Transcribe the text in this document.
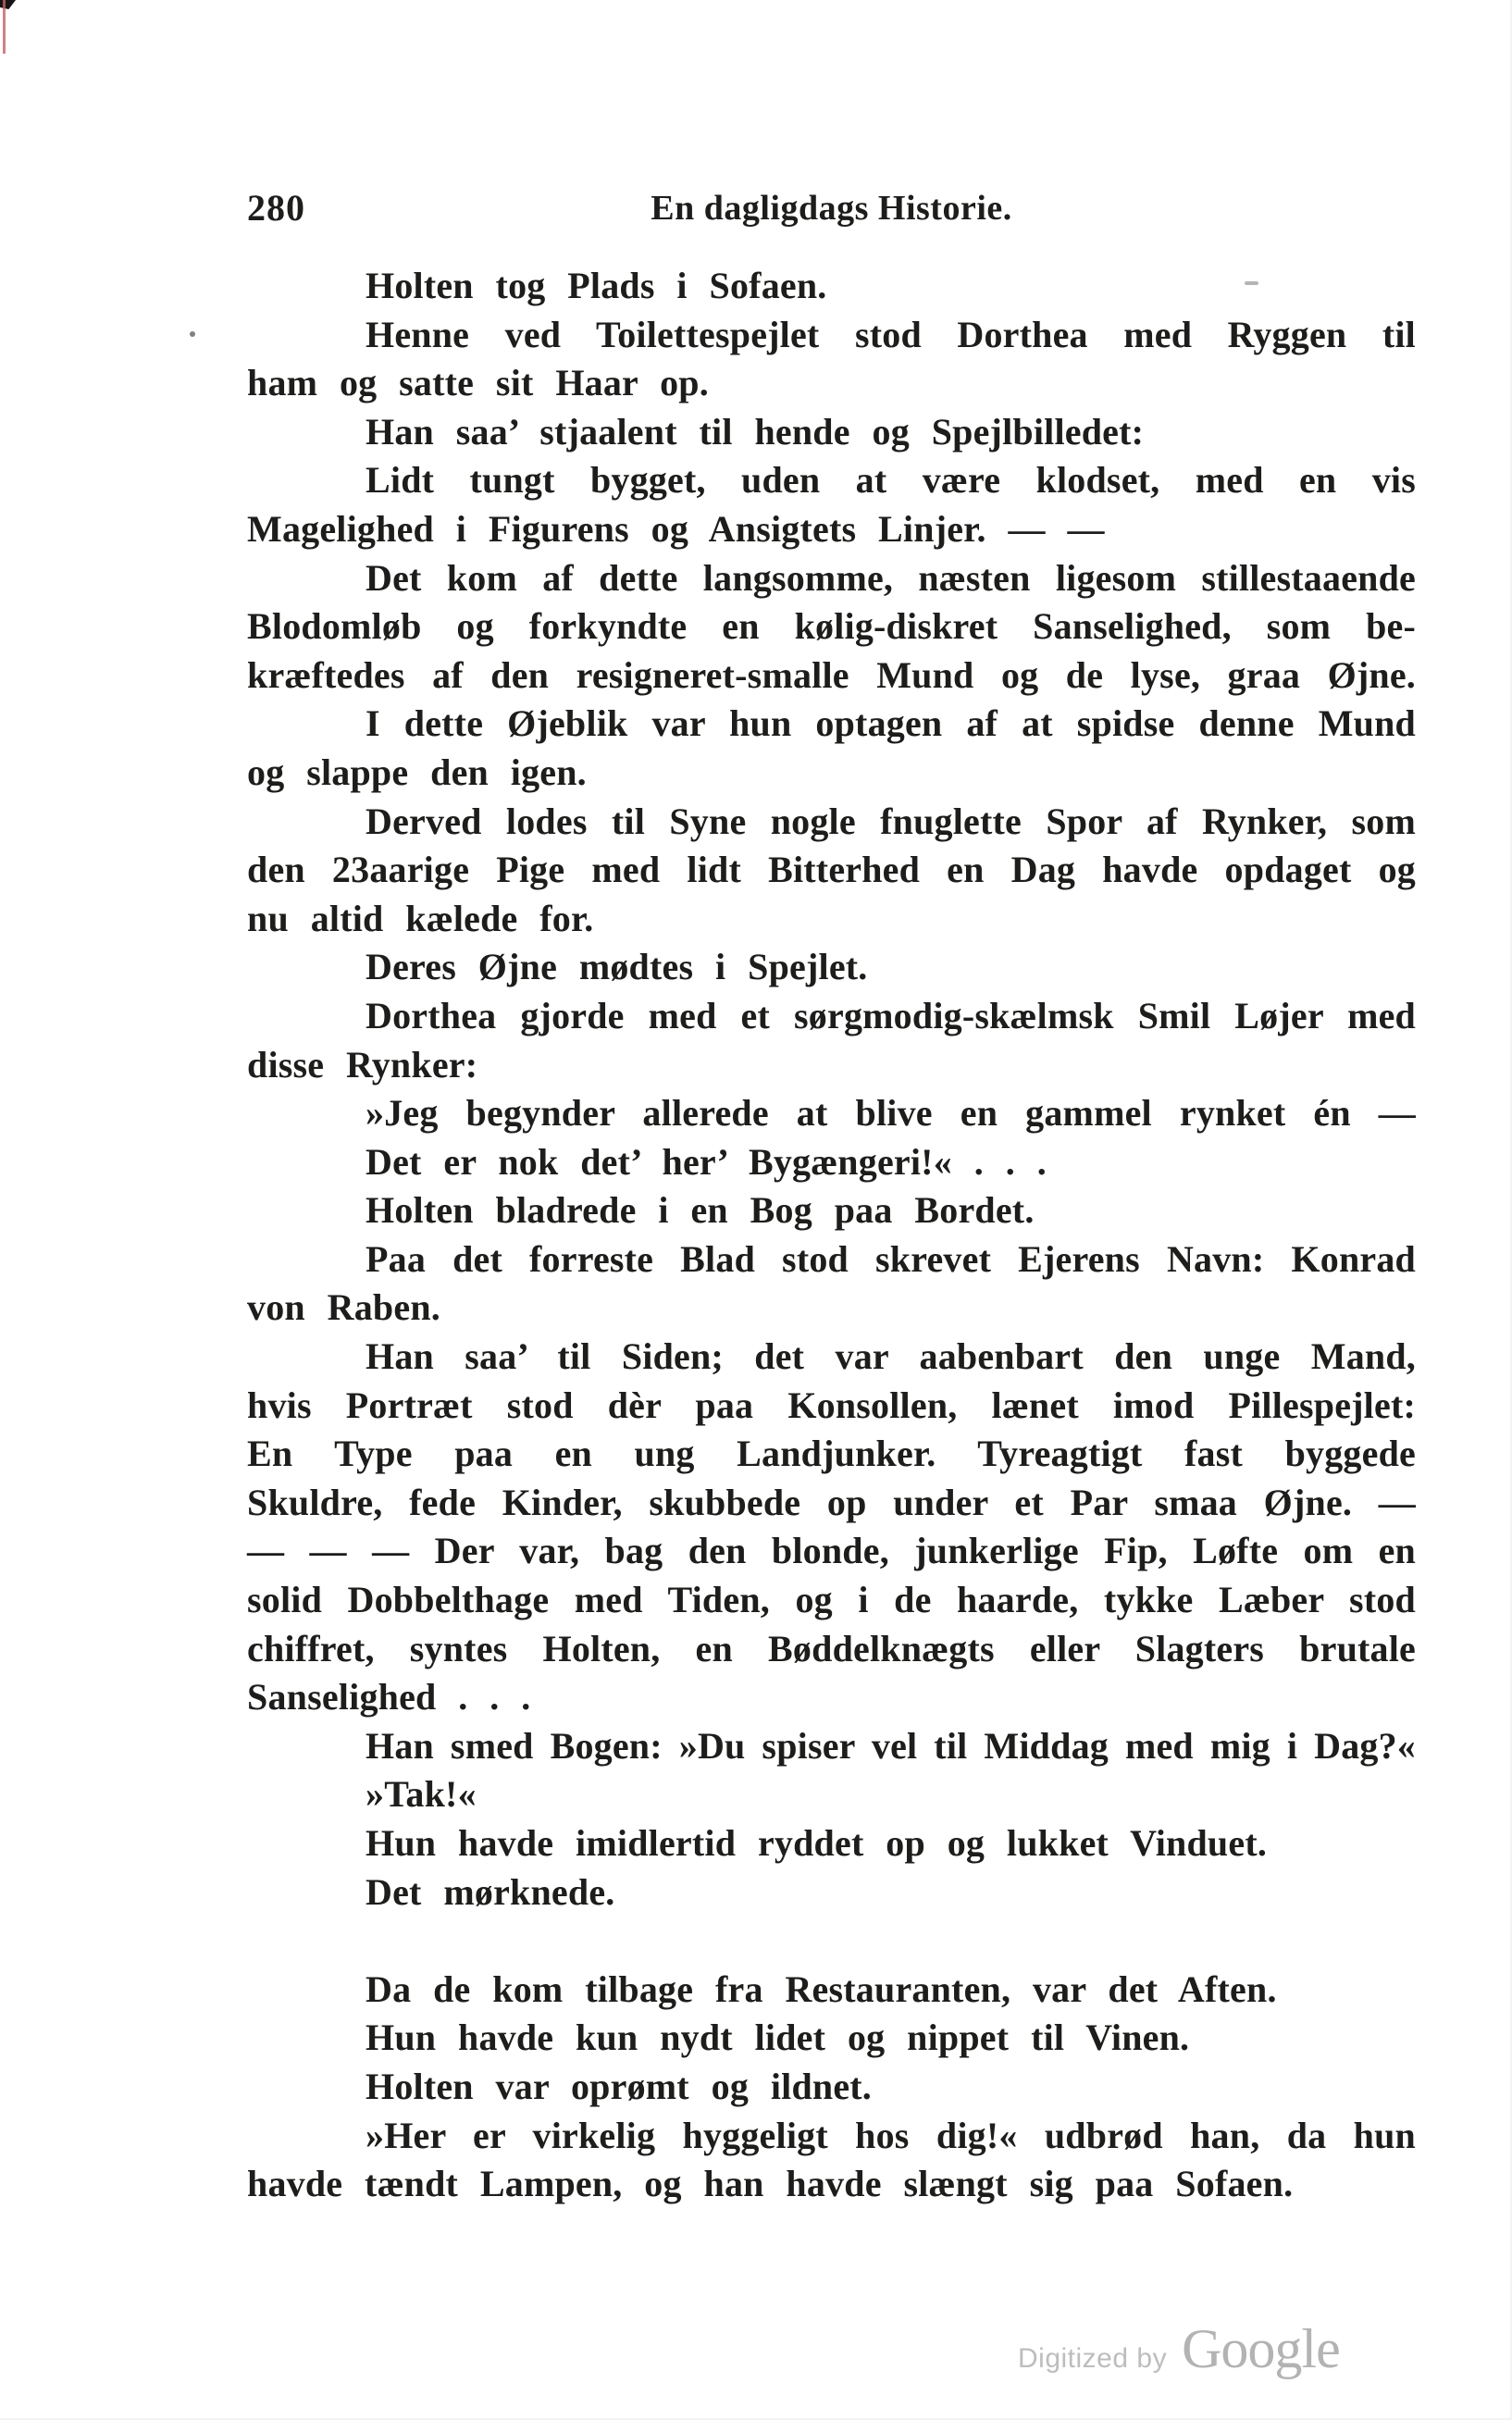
280	En dagligdags Historie.
Holten tog Plads i Sofaen.
Henne ved Toilettespejlet stod Dorthea med Ryggen til
ham og satte sit Haar op.
Han saa’ stjaalent til hende og Spejlbilledet:
Lidt tungt bygget, uden at være klodset, med en vis
Magelighed i Figurens og Ansigtets Linjer. — —
Det kom af dette langsomme, næsten ligesom stillestaaende
Blodomløb og forkyndte en kølig-diskret Sanselighed, som be-
kræftedes af den resigneret-smalle Mund og de lyse, graa Øjne.
I dette Øjeblik var hun optagen af at spidse denne Mund
og slappe den igen.
Derved lodes til Syne nogle fnuglette Spor af Rynker, som
den 23aarige Pige med lidt Bitterhed en Dag havde opdaget og
nu altid kælede for.
Deres Øjne mødtes i Spejlet.
Dorthea gjorde med et sørgmodig-skælmsk Smil Løjer med
disse Rynker:
»Jeg begynder allerede at blive en gammel rynket én —
Det er nok det’ her’ Bygængeri!« . . .
Holten bladrede i en Bog paa Bordet.
Paa det forreste Blad stod skrevet Ejerens Navn: Konrad
von Raben.
Han saa’ til Siden; det var aabenbart den unge Mand,
hvis Portræt stod dèr paa Konsollen, lænet imod Pillespejlet:
En Type paa en ung Landjunker. Tyreagtigt fast byggede
Skuldre, fede Kinder, skubbede op under et Par smaa Øjne. —
— — — Der var, bag den blonde, junkerlige Fip, Løfte om en
solid Dobbelthage med Tiden, og i de haarde, tykke Læber stod
chiffret, syntes Holten, en Bøddelknægts eller Slagters brutale
Sanselighed . . .
Han smed Bogen: »Du spiser vel til Middag med mig i Dag?«
»Tak!«
Hun havde imidlertid ryddet op og lukket Vinduet.
Det mørknede.
Da de kom tilbage fra Restauranten, var det Aften.
Hun havde kun nydt lidet og nippet til Vinen.
Holten var oprømt og ildnet.
»Her er virkelig hyggeligt hos dig!« udbrød han, da hun
havde tændt Lampen, og han havde slængt sig paa Sofaen.
Digitized by Google
